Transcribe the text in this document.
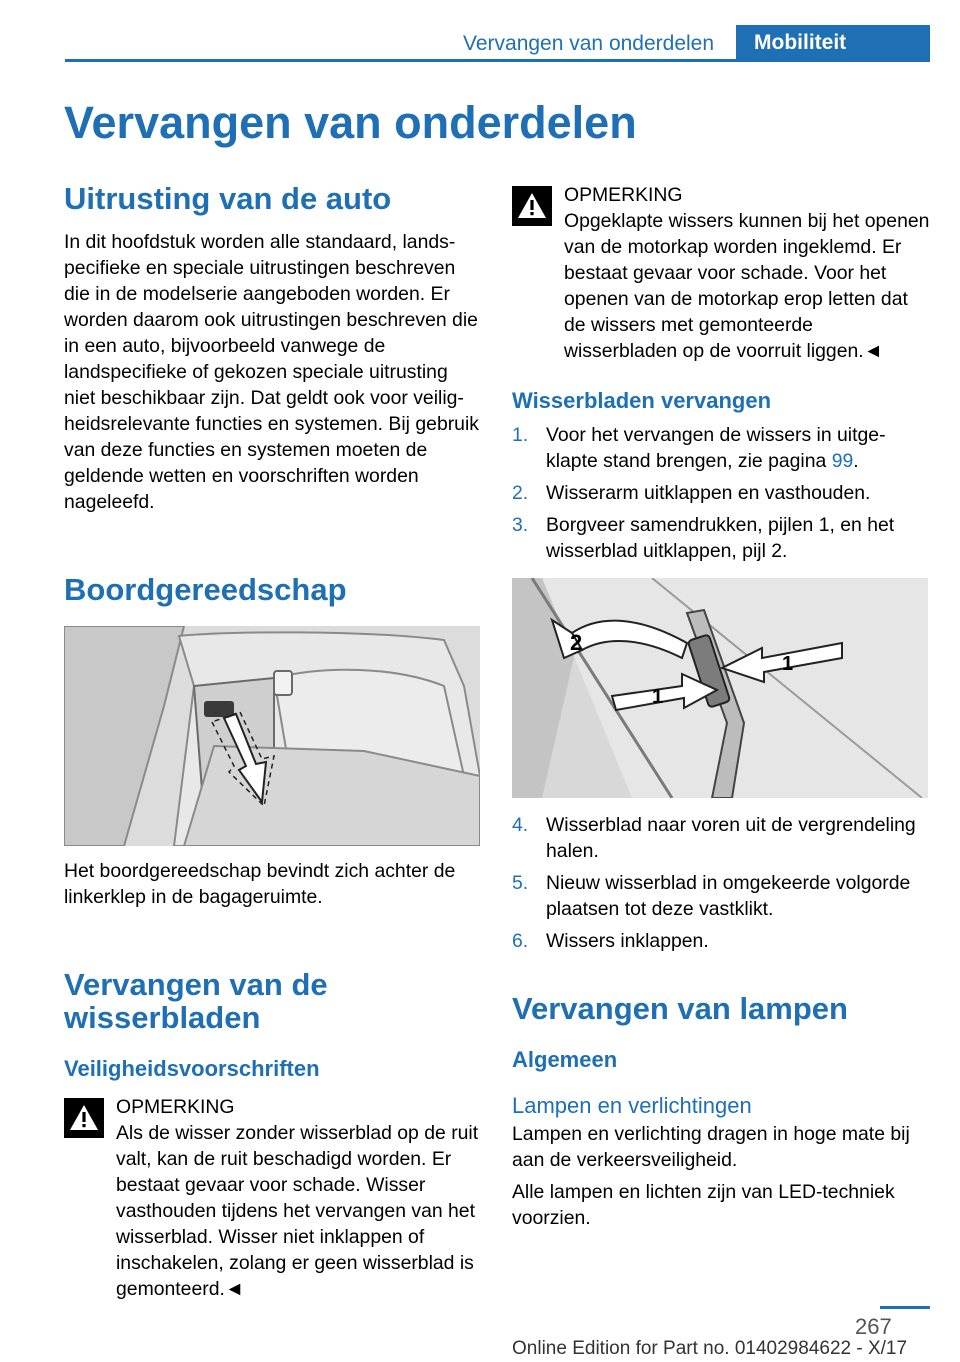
Vervangen van onderdelen	Mobiliteit
Vervangen van onderdelen
Uitrusting van de auto

In dit hoofdstuk worden alle standaard, landspecifieke en speciale uitrustingen beschreven die in de modelserie aangeboden worden. Er worden daarom ook uitrustingen beschreven die in een auto, bijvoorbeeld vanwege de landspecifieke of gekozen speciale uitrusting niet beschikbaar zijn. Dat geldt ook voor veiligheidsrelevante functies en systemen. Bij gebruik van deze functies en systemen moeten de geldende wetten en voorschriften worden nageleefd.

Boordgereedschap

Het boordgereedschap bevindt zich achter de linkerklep in de bagageruimte.

Vervangen van de wisserbladen
Veiligheidsvoorschriften
OPMERKING
Als de wisser zonder wisserblad op de ruit valt, kan de ruit beschadigd worden. Er bestaat gevaar voor schade. Wisser vasthouden tijdens het vervangen van het wisserblad. Wisser niet inklappen of inschakelen, zolang er geen wisserblad is gemonteerd.◄
OPMERKING
Opgeklapte wissers kunnen bij het openen van de motorkap worden ingeklemd. Er bestaat gevaar voor schade. Voor het openen van de motorkap erop letten dat de wissers met gemonteerde wisserbladen op de voorruit liggen.◄
Wisserbladen vervangen
1. Voor het vervangen de wissers in uitgeklapte stand brengen, zie pagina 99.
2. Wisserarm uitklappen en vasthouden.
3. Borgveer samendrukken, pijlen 1, en het wisserblad uitklappen, pijl 2.
2
1
1
4. Wisserblad naar voren uit de vergrendeling halen.
5. Nieuw wisserblad in omgekeerde volgorde plaatsen tot deze vastklikt.
6. Wissers inklappen.
Vervangen van lampen
Algemeen
Lampen en verlichtingen

Lampen en verlichting dragen in hoge mate bij aan de verkeersveiligheid.

Alle lampen en lichten zijn van LED-techniek voorzien.

267
Online Edition for Part no. 01402984622 - X/17
